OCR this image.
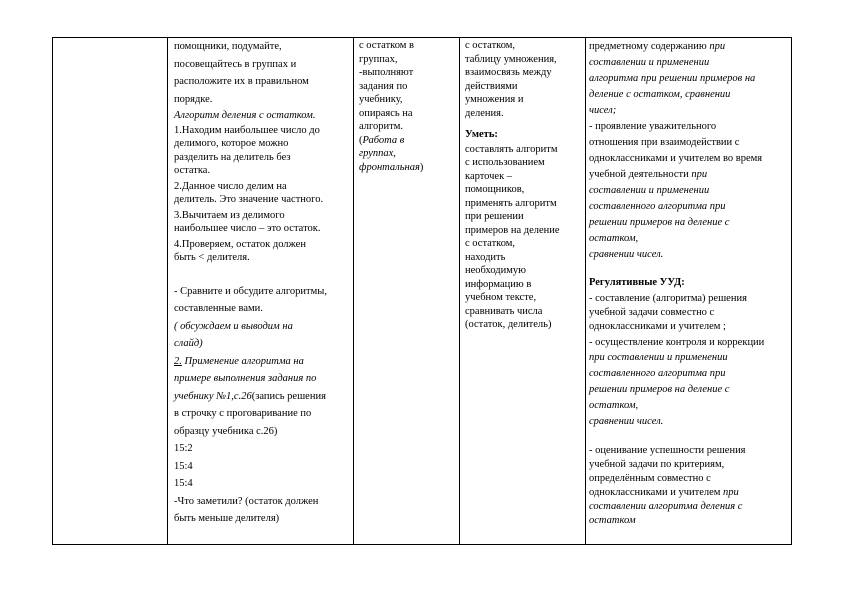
помощники, подумайте,

посовещайтесь в группах и

расположите их в правильном

порядке.

Алгоритм деления с остатком.

1.Находим наибольшее число до

делимого, которое можно

разделить на делитель без

остатка.

2.Данное число делим на

делитель. Это значение частного.

3.Вычитаем из делимого

наибольшее число – это остаток.

4.Проверяем, остаток должен

быть < делителя.

- Сравните и обсудите алгоритмы,

составленные вами.

( обсуждаем и выводим на

слайд)

2. Применение алгоритма на

примере выполнения задания по

учебнику №1,с.26(запись решения

в строчку с проговаривание по

образцу учебника с.26)

15:2

15:4

15:4

-Что заметили? (остаток должен

быть меньше делителя)

с остатком в

группах,

-выполняют

задания по

учебнику,

опираясь на

алгоритм.

(Работа в

группах,

фронтальная)

с остатком,

таблицу умножения,

взаимосвязь между

действиями

умножения и

деления.

Уметь:

составлять алгоритм

с использованием

карточек –

помощников,

применять алгоритм

при решении

примеров на деление

с остатком,

находить

необходимую

информацию в

учебном тексте,

сравнивать числа

(остаток, делитель)

предметному содержанию при

составлении и применении

алгоритма при решении примеров на

деление с остатком, сравнении

чисел;

- проявление уважительного

отношения при взаимодействии с

одноклассниками и учителем во время

учебной деятельности при

составлении и применении

составленного алгоритма при

решении примеров на деление с

остатком,

сравнении чисел.

Регулятивные УУД:

- составление (алгоритма) решения

учебной задачи совместно с

одноклассниками и учителем ;

- осуществление контроля и коррекции

при составлении и применении

составленного алгоритма при

решении примеров на деление с

остатком,

сравнении чисел.

- оценивание успешности решения

учебной задачи по критериям,

определённым совместно с

одноклассниками и учителем при

составлении алгоритма деления с

остатком
